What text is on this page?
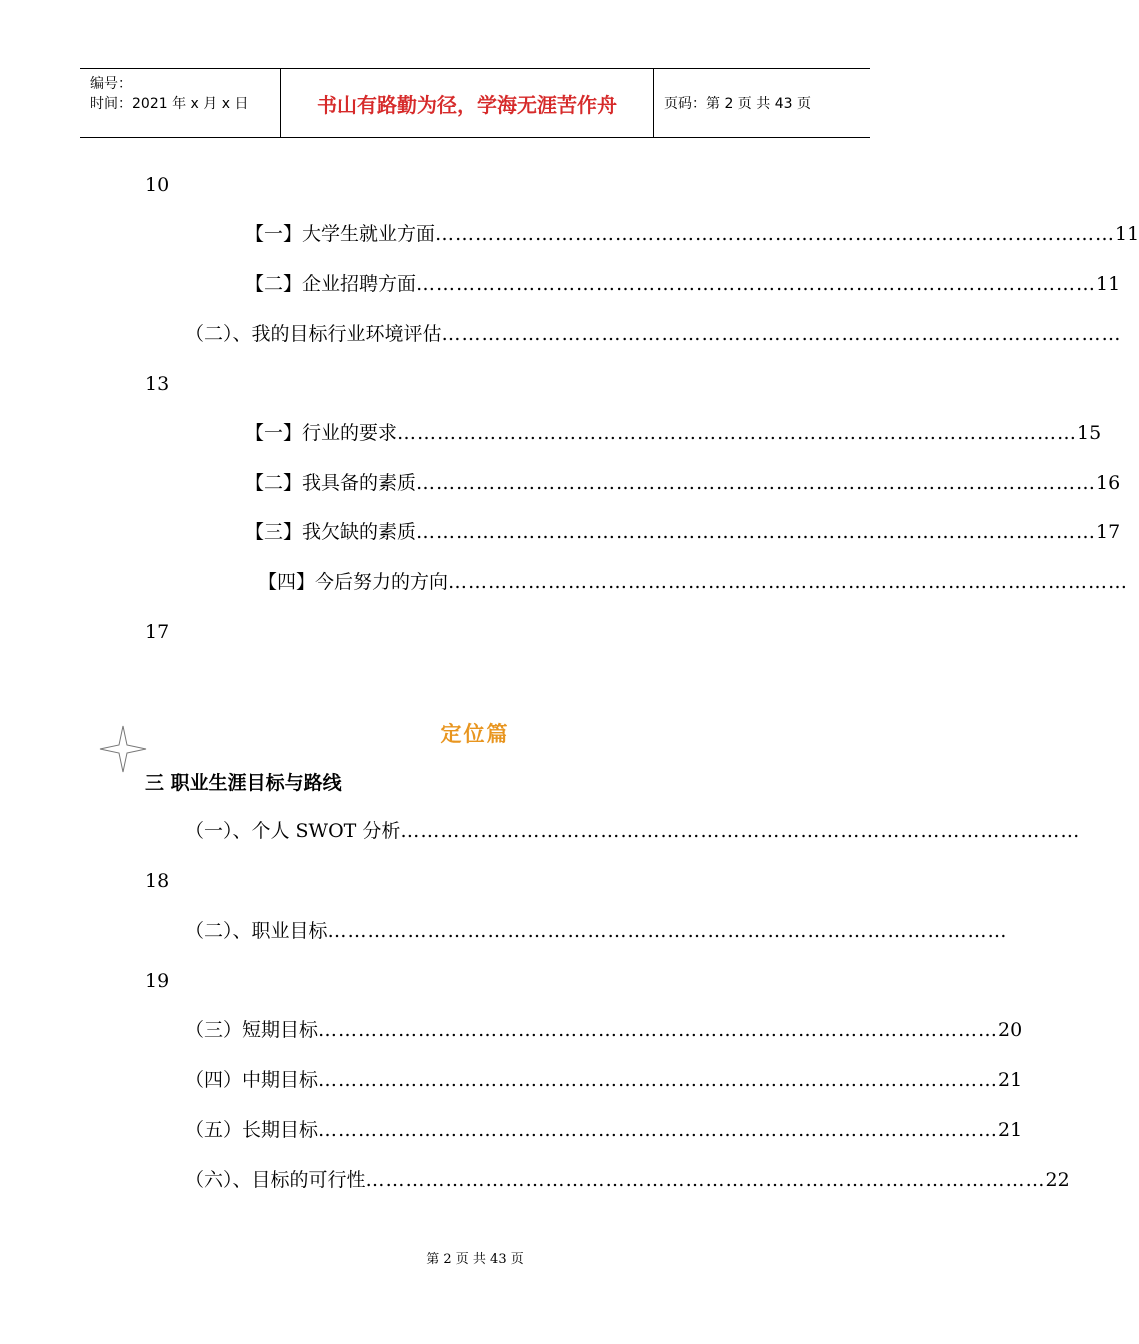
编号：
时间：2021 年 x 月 x 日	书山有路勤为径，学海无涯苦作舟	页码：第 2 页 共 43 页
10
【一】大学生就业方面 ………………………………………………………………………………………… 11
【二】企业招聘方面 ………………………………………………………………………………………… 11
（二）、我的目标行业环境评估 …………………………………………………………………………………………
13
【一】行业的要求 ………………………………………………………………………………………… 15
【二】我具备的素质 ………………………………………………………………………………………… 16
【三】我欠缺的素质 ………………………………………………………………………………………… 17
【四】今后努力的方向 …………………………………………………………………………………………
17
定位篇
三 职业生涯目标与路线
（一）、个人 SWOT 分析 …………………………………………………………………………………………
18
（二）、职业目标 …………………………………………………………………………………………
19
（三）短期目标 ………………………………………………………………………………………… 20
（四）中期目标 ………………………………………………………………………………………… 21
（五）长期目标 ………………………………………………………………………………………… 21
（六）、目标的可行性 ………………………………………………………………………………………… 22
第 2 页 共 43 页
